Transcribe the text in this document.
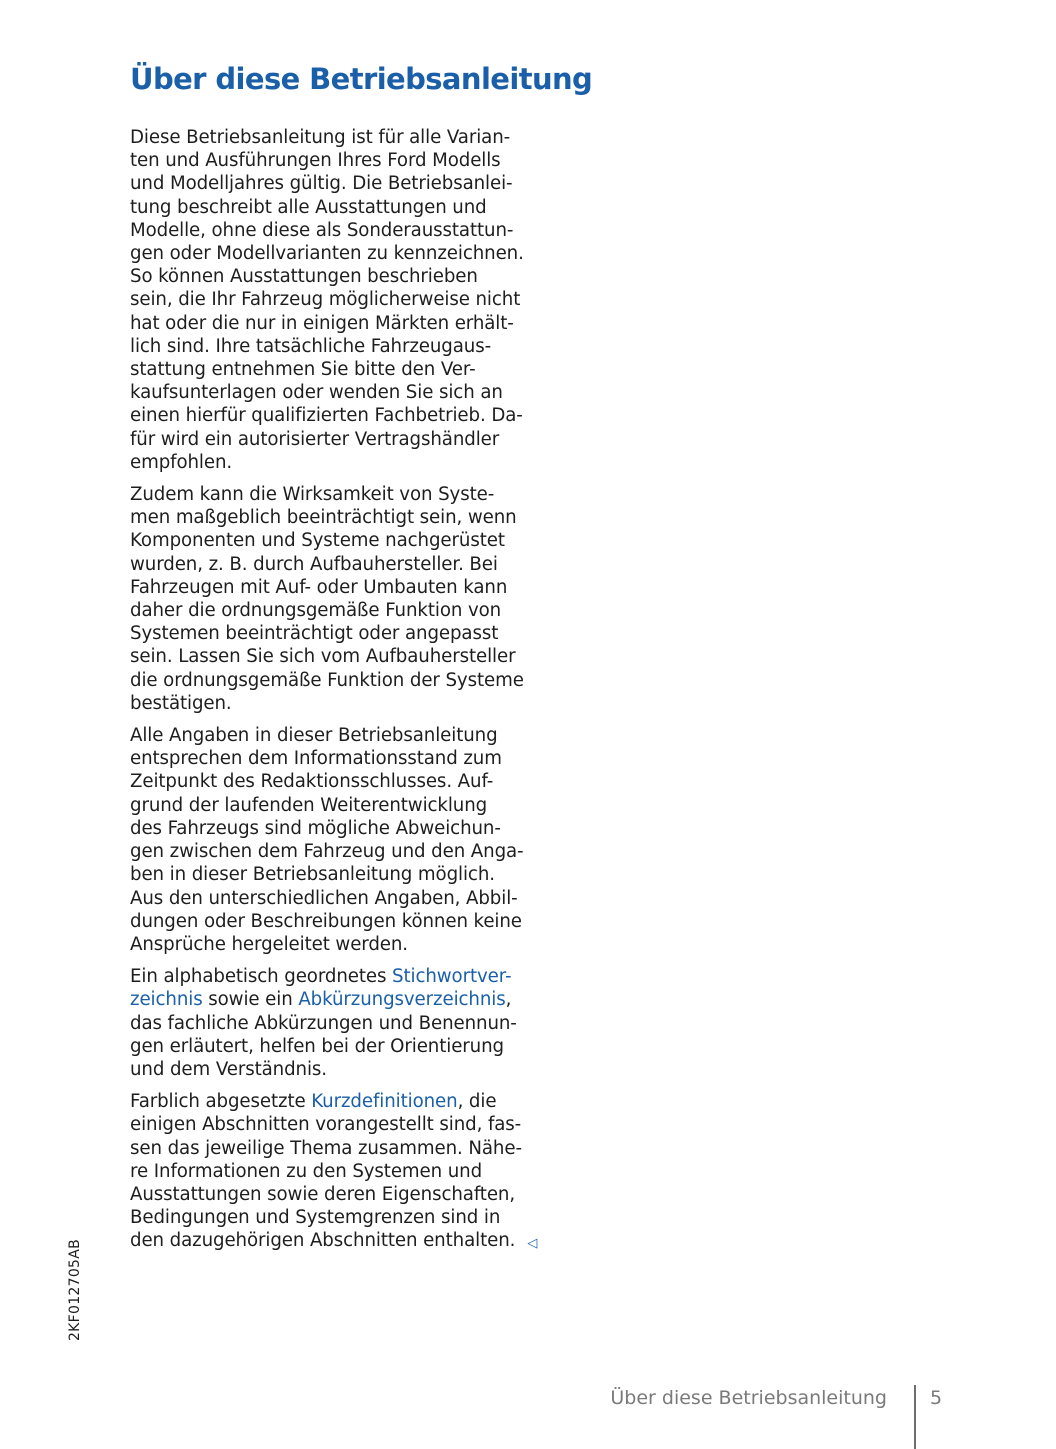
Über diese Betriebsanleitung

Diese Betriebsanleitung ist für alle Varian-
ten und Ausführungen Ihres Ford Modells
und Modelljahres gültig. Die Betriebsanlei-
tung beschreibt alle Ausstattungen und
Modelle, ohne diese als Sonderausstattun-
gen oder Modellvarianten zu kennzeichnen.
So können Ausstattungen beschrieben
sein, die Ihr Fahrzeug möglicherweise nicht
hat oder die nur in einigen Märkten erhält-
lich sind. Ihre tatsächliche Fahrzeugaus-
stattung entnehmen Sie bitte den Ver-
kaufsunterlagen oder wenden Sie sich an
einen hierfür qualifizierten Fachbetrieb. Da-
für wird ein autorisierter Vertragshändler
empfohlen.

Zudem kann die Wirksamkeit von Syste-
men maßgeblich beeinträchtigt sein, wenn
Komponenten und Systeme nachgerüstet
wurden, z. B. durch Aufbauhersteller. Bei
Fahrzeugen mit Auf- oder Umbauten kann
daher die ordnungsgemäße Funktion von
Systemen beeinträchtigt oder angepasst
sein. Lassen Sie sich vom Aufbauhersteller
die ordnungsgemäße Funktion der Systeme
bestätigen.

Alle Angaben in dieser Betriebsanleitung
entsprechen dem Informationsstand zum
Zeitpunkt des Redaktionsschlusses. Auf-
grund der laufenden Weiterentwicklung
des Fahrzeugs sind mögliche Abweichun-
gen zwischen dem Fahrzeug und den Anga-
ben in dieser Betriebsanleitung möglich.
Aus den unterschiedlichen Angaben, Abbil-
dungen oder Beschreibungen können keine
Ansprüche hergeleitet werden.

Ein alphabetisch geordnetes Stichwortver-
zeichnis sowie ein Abkürzungsverzeichnis,
das fachliche Abkürzungen und Benennun-
gen erläutert, helfen bei der Orientierung
und dem Verständnis.

Farblich abgesetzte Kurzdefinitionen, die
einigen Abschnitten vorangestellt sind, fas-
sen das jeweilige Thema zusammen. Nähe-
re Informationen zu den Systemen und
Ausstattungen sowie deren Eigenschaften,
Bedingungen und Systemgrenzen sind in
den dazugehörigen Abschnitten enthalten. ◁

2KF012705AB
Über diese Betriebsanleitung 5
